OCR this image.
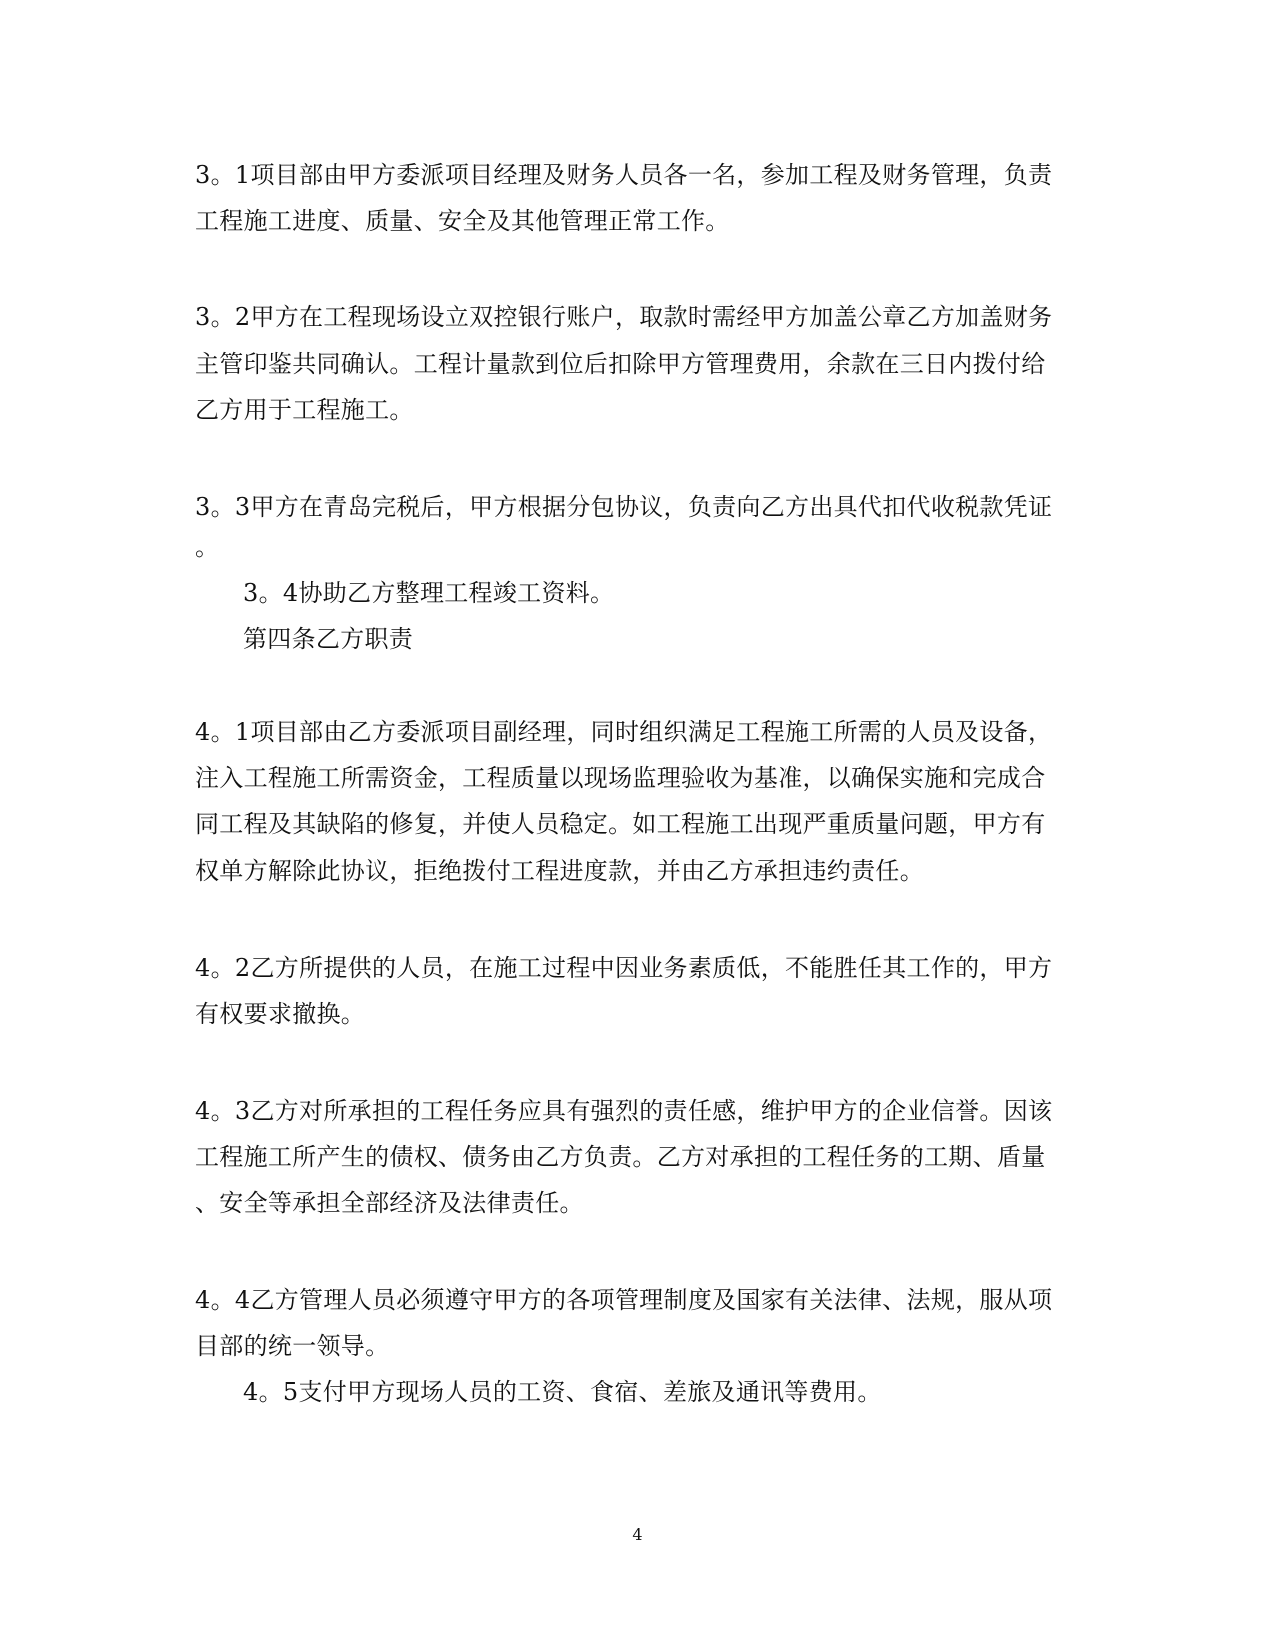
3。1项目部由甲方委派项目经理及财务人员各一名，参加工程及财务管理，负责
工程施工进度、质量、安全及其他管理正常工作。
3。2甲方在工程现场设立双控银行账户，取款时需经甲方加盖公章乙方加盖财务
主管印鉴共同确认。工程计量款到位后扣除甲方管理费用，余款在三日内拨付给
乙方用于工程施工。
3。3甲方在青岛完税后，甲方根据分包协议，负责向乙方出具代扣代收税款凭证
。
3。4协助乙方整理工程竣工资料。
第四条乙方职责
4。1项目部由乙方委派项目副经理，同时组织满足工程施工所需的人员及设备，
注入工程施工所需资金，工程质量以现场监理验收为基准，以确保实施和完成合
同工程及其缺陷的修复，并使人员稳定。如工程施工出现严重质量问题，甲方有
权单方解除此协议，拒绝拨付工程进度款，并由乙方承担违约责任。
4。2乙方所提供的人员，在施工过程中因业务素质低，不能胜任其工作的，甲方
有权要求撤换。
4。3乙方对所承担的工程任务应具有强烈的责任感，维护甲方的企业信誉。因该
工程施工所产生的债权、债务由乙方负责。乙方对承担的工程任务的工期、盾量
、安全等承担全部经济及法律责任。
4。4乙方管理人员必须遵守甲方的各项管理制度及国家有关法律、法规，服从项
目部的统一领导。
4。5支付甲方现场人员的工资、食宿、差旅及通讯等费用。
4
